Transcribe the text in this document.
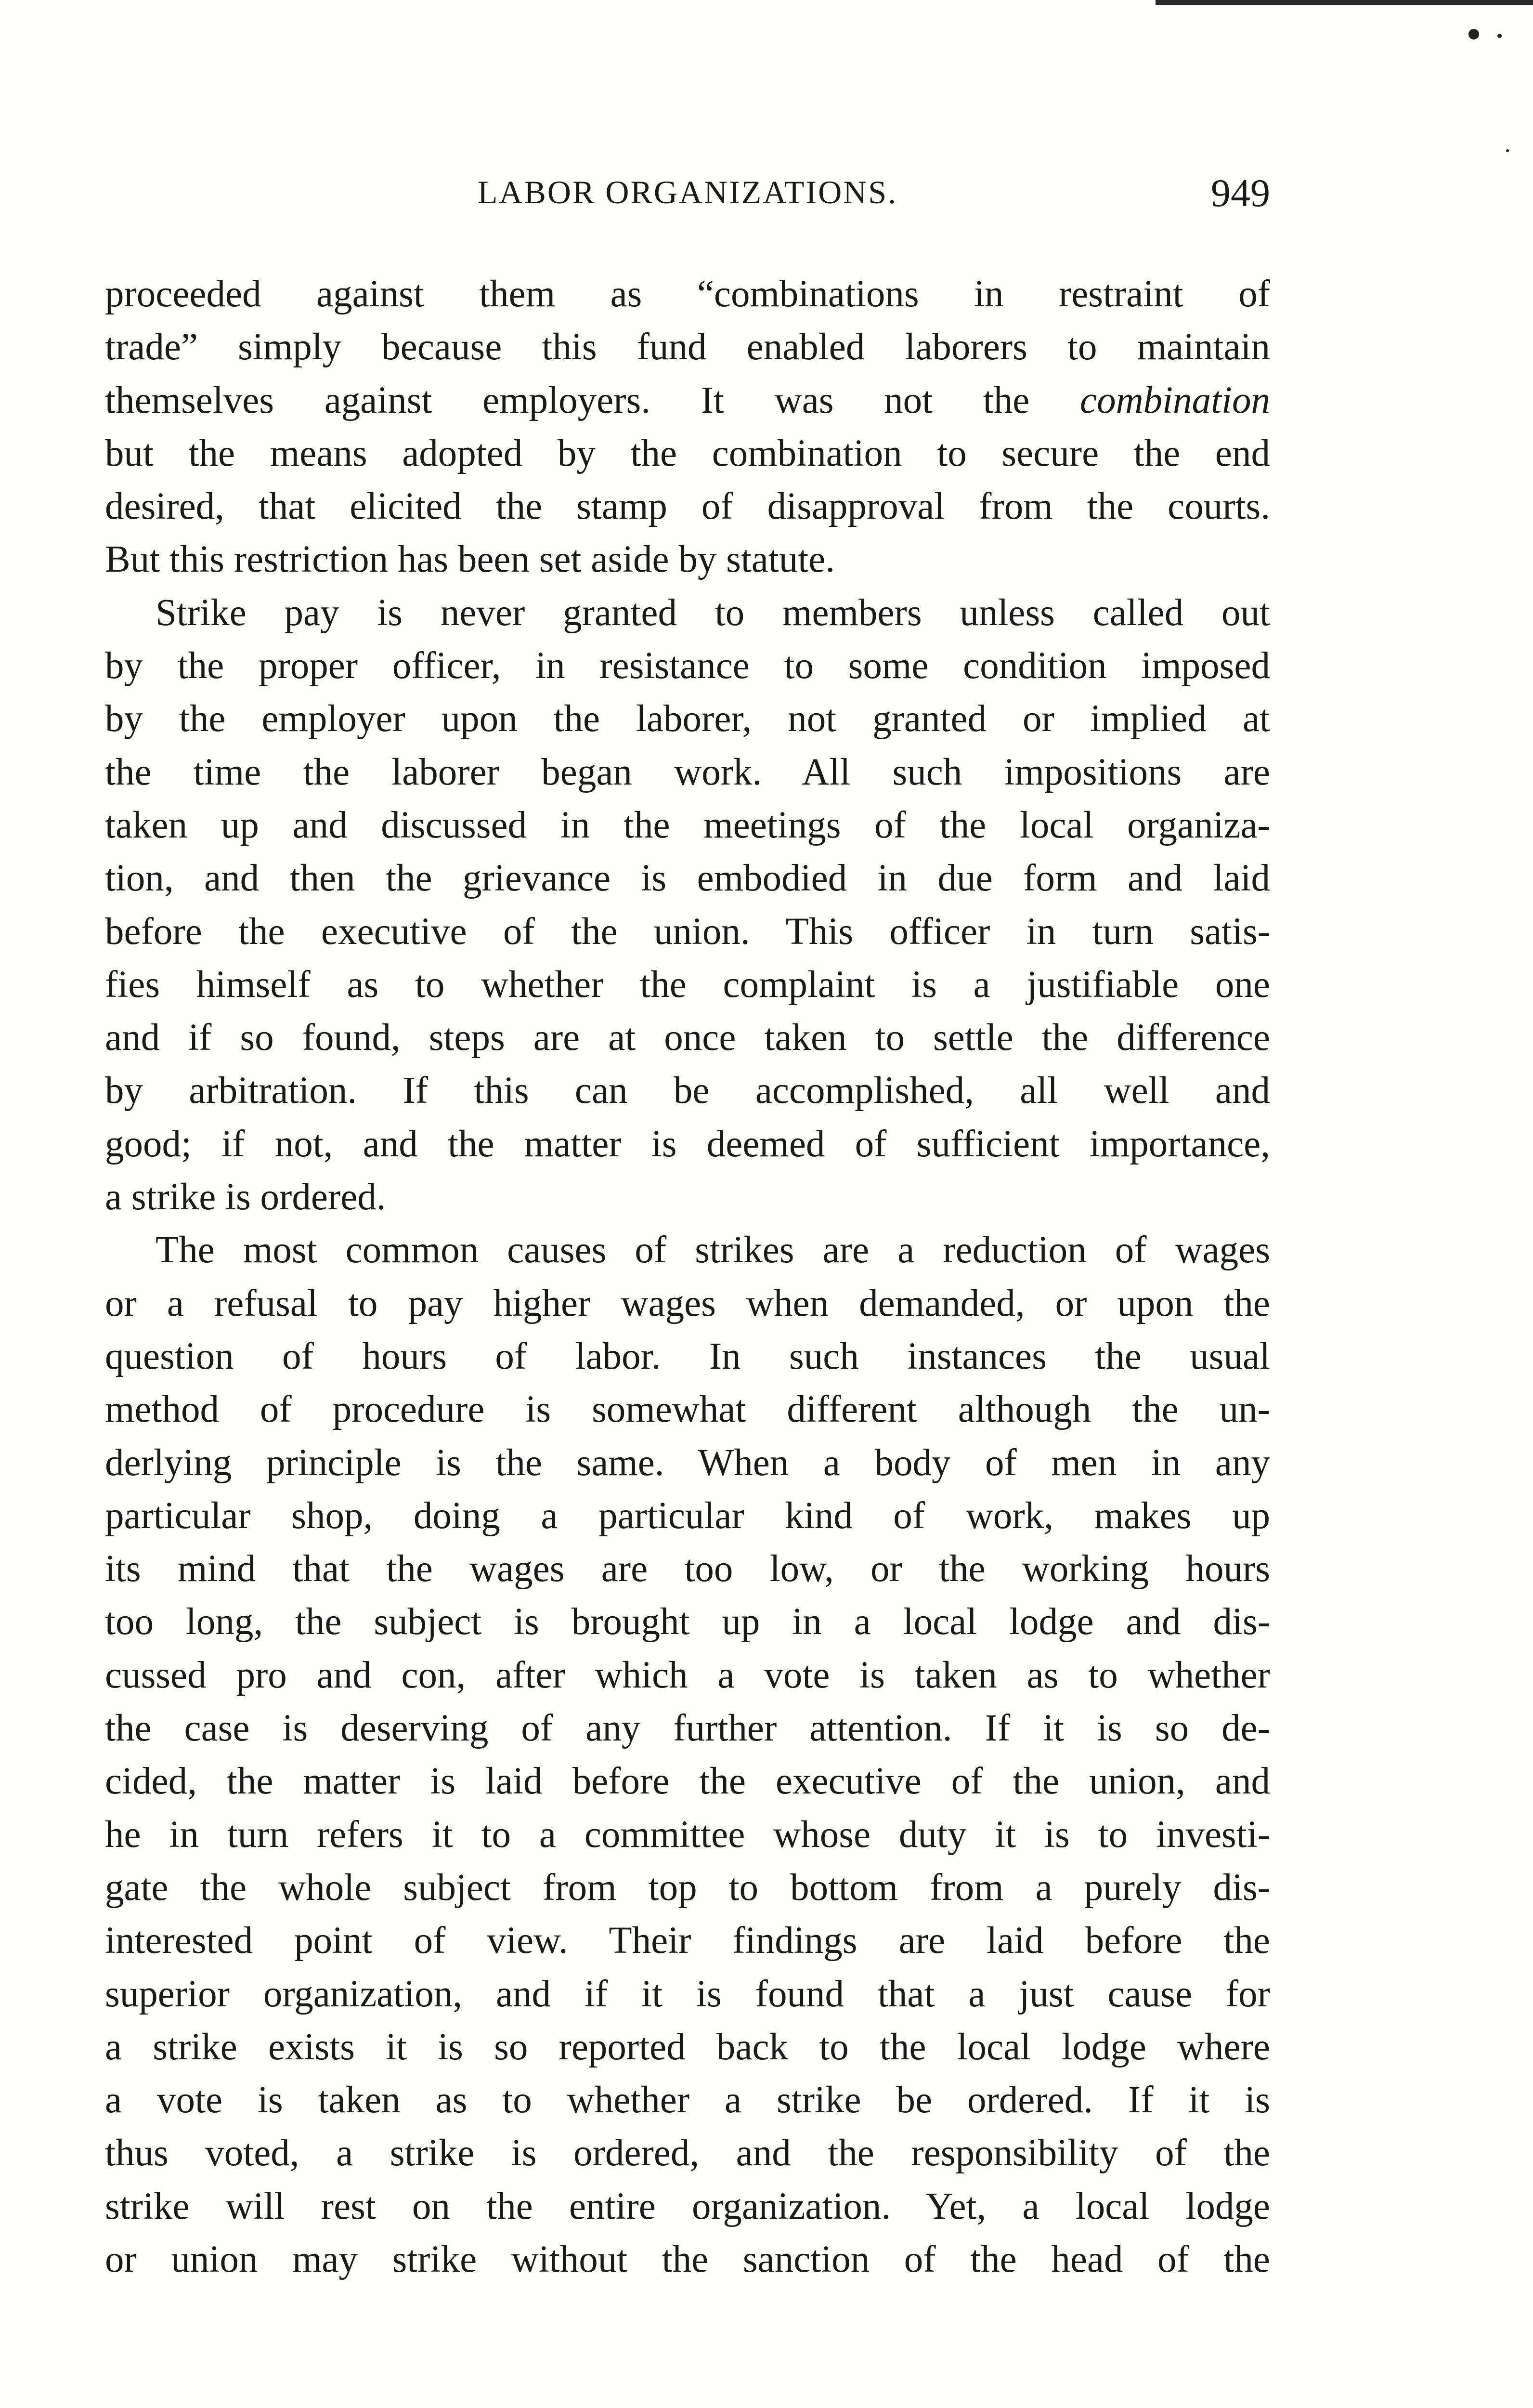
LABOR ORGANIZATIONS.	949
proceeded against them as “combinations in restraint of
trade” simply because this fund enabled laborers to maintain
themselves against employers. It was not the combination
but the means adopted by the combination to secure the end
desired, that elicited the stamp of disapproval from the courts.
But this restriction has been set aside by statute.
Strike pay is never granted to members unless called out
by the proper officer, in resistance to some condition imposed
by the employer upon the laborer, not granted or implied at
the time the laborer began work. All such impositions are
taken up and discussed in the meetings of the local organiza-
tion, and then the grievance is embodied in due form and laid
before the executive of the union. This officer in turn satis-
fies himself as to whether the complaint is a justifiable one
and if so found, steps are at once taken to settle the difference
by arbitration. If this can be accomplished, all well and
good; if not, and the matter is deemed of sufficient importance,
a strike is ordered.
The most common causes of strikes are a reduction of wages
or a refusal to pay higher wages when demanded, or upon the
question of hours of labor. In such instances the usual
method of procedure is somewhat different although the un-
derlying principle is the same. When a body of men in any
particular shop, doing a particular kind of work, makes up
its mind that the wages are too low, or the working hours
too long, the subject is brought up in a local lodge and dis-
cussed pro and con, after which a vote is taken as to whether
the case is deserving of any further attention. If it is so de-
cided, the matter is laid before the executive of the union, and
he in turn refers it to a committee whose duty it is to investi-
gate the whole subject from top to bottom from a purely dis-
interested point of view. Their findings are laid before the
superior organization, and if it is found that a just cause for
a strike exists it is so reported back to the local lodge where
a vote is taken as to whether a strike be ordered. If it is
thus voted, a strike is ordered, and the responsibility of the
strike will rest on the entire organization. Yet, a local lodge
or union may strike without the sanction of the head of the
